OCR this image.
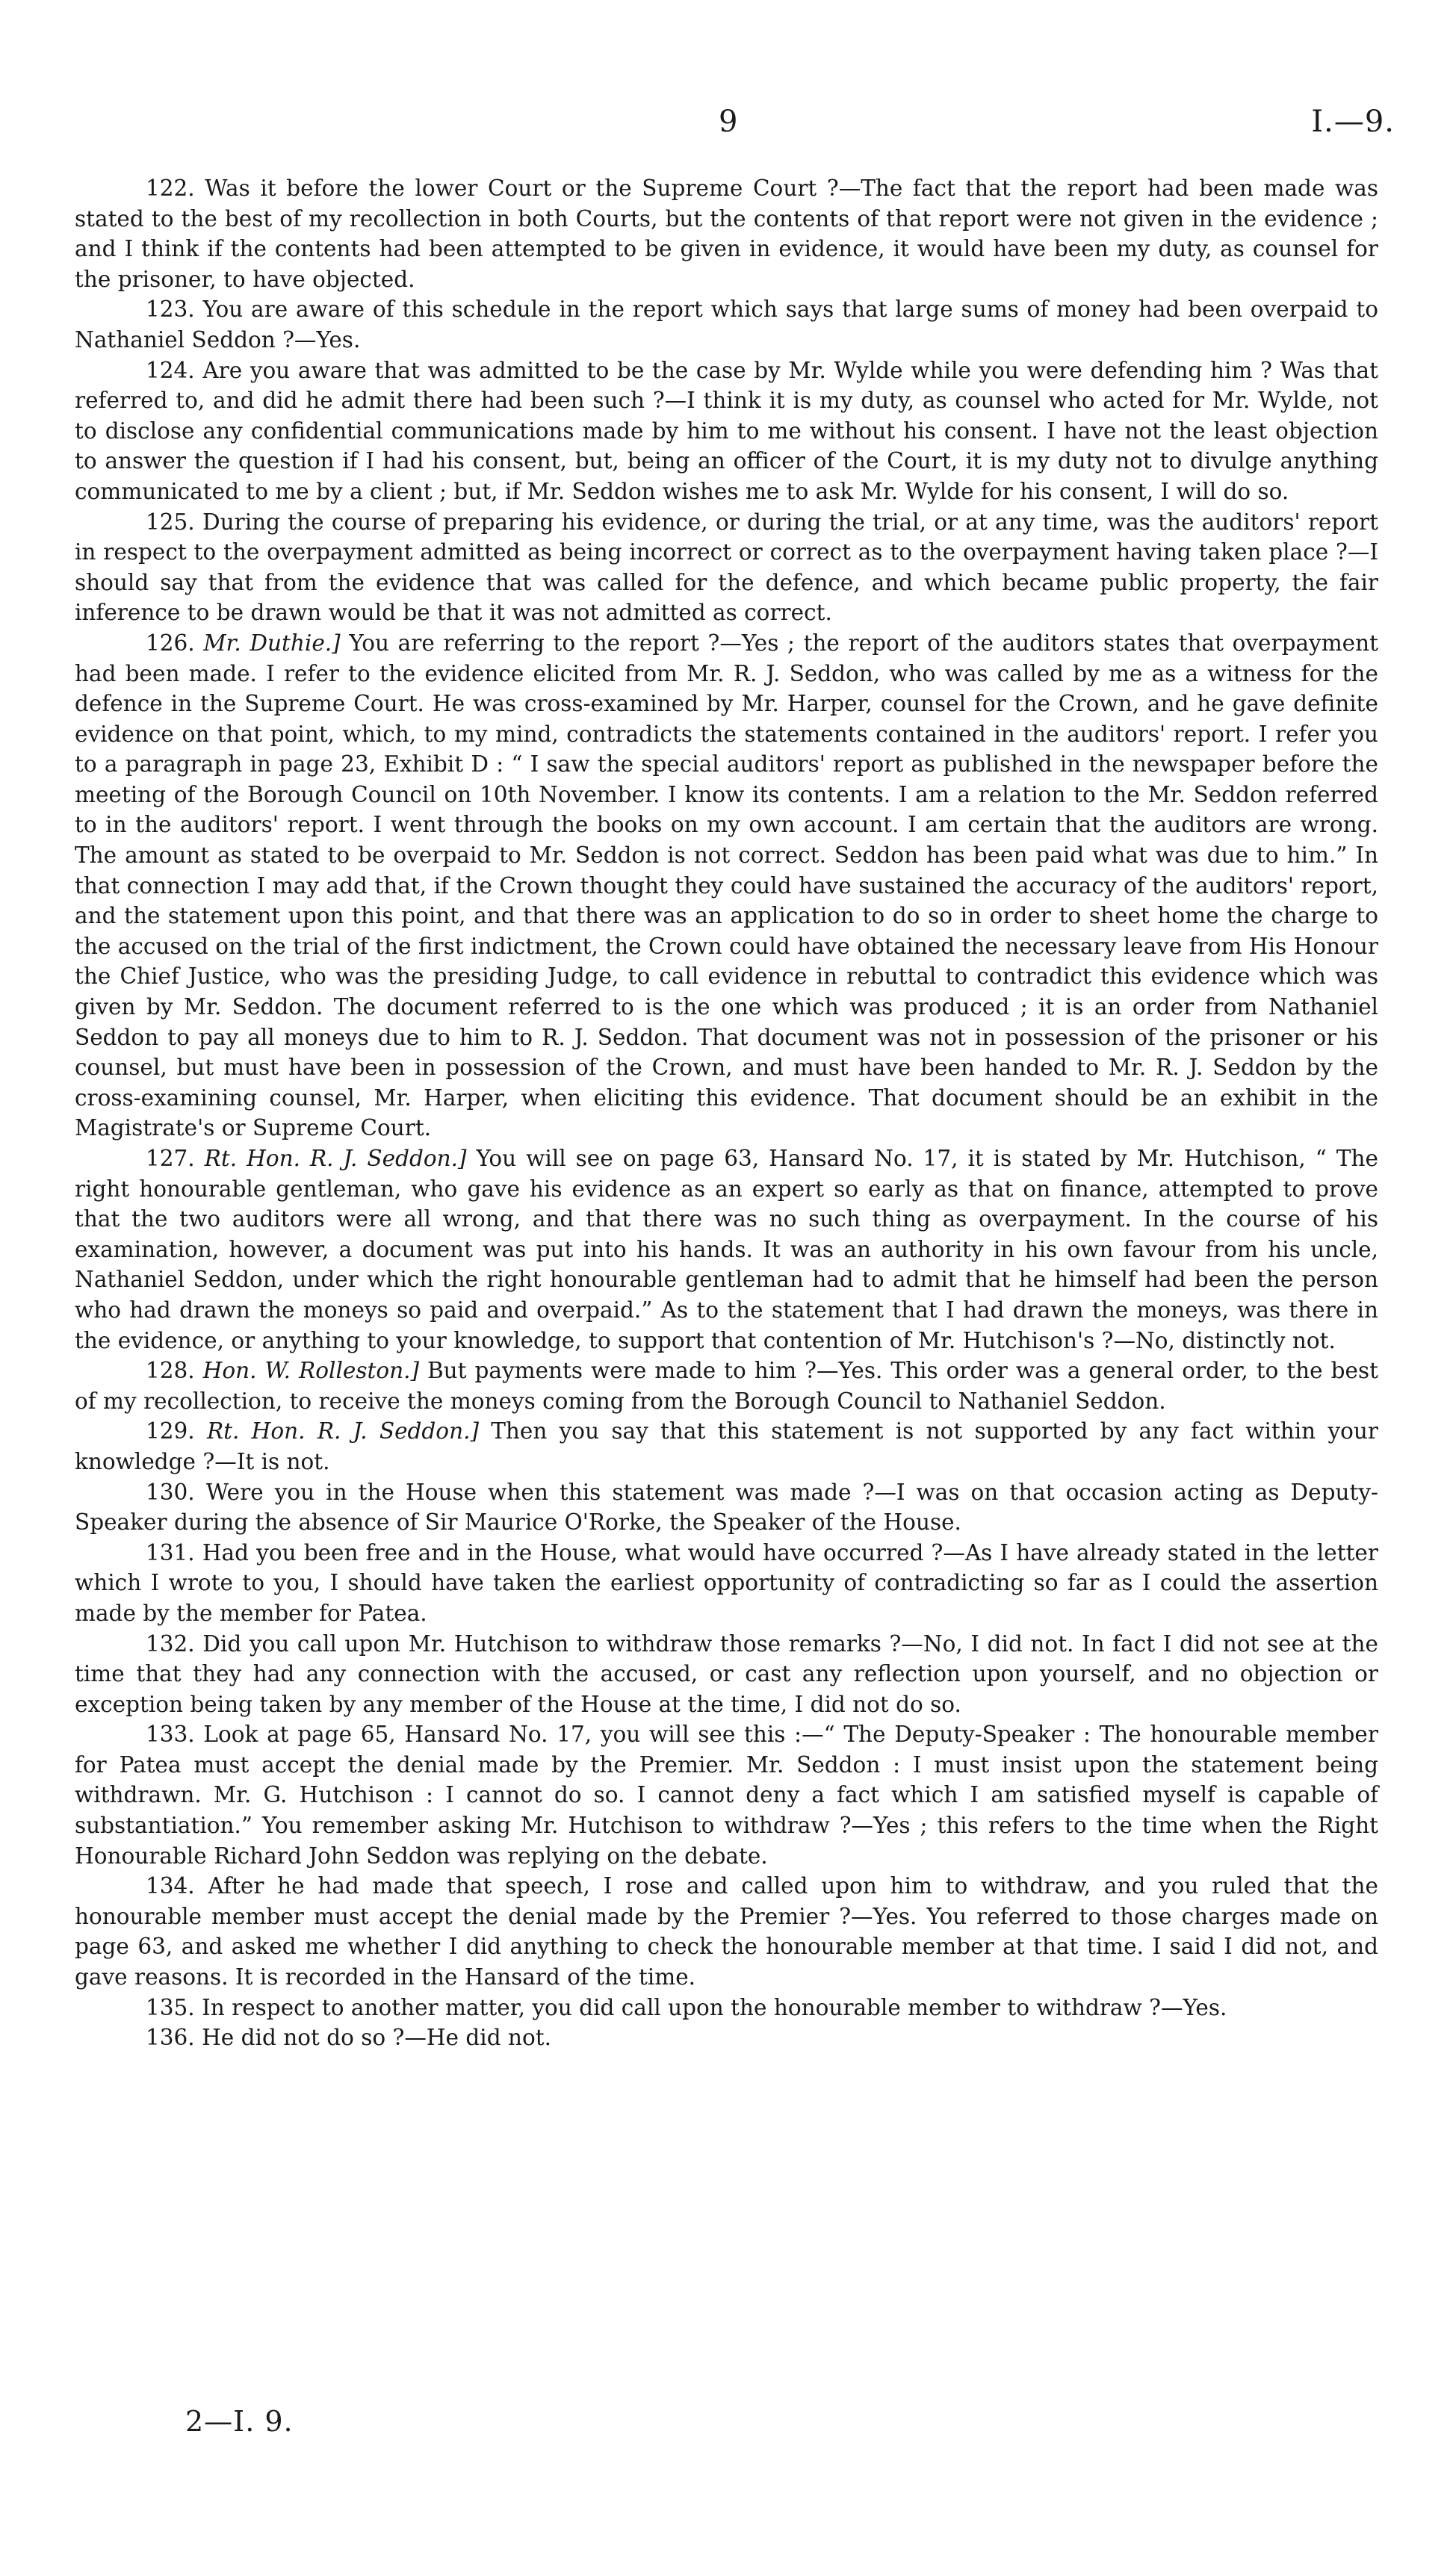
9	I.—9.

122. Was it before the lower Court or the Supreme Court ?—The fact that the report had been made was stated to the best of my recollection in both Courts, but the contents of that report were not given in the evidence ; and I think if the contents had been attempted to be given in evidence, it would have been my duty, as counsel for the prisoner, to have objected.

123. You are aware of this schedule in the report which says that large sums of money had been overpaid to Nathaniel Seddon ?—Yes.

124. Are you aware that was admitted to be the case by Mr. Wylde while you were defending him ? Was that referred to, and did he admit there had been such ?—I think it is my duty, as counsel who acted for Mr. Wylde, not to disclose any confidential communications made by him to me without his consent. I have not the least objection to answer the question if I had his consent, but, being an officer of the Court, it is my duty not to divulge anything communicated to me by a client ; but, if Mr. Seddon wishes me to ask Mr. Wylde for his consent, I will do so.

125. During the course of preparing his evidence, or during the trial, or at any time, was the auditors' report in respect to the overpayment admitted as being incorrect or correct as to the overpayment having taken place ?—I should say that from the evidence that was called for the defence, and which became public property, the fair inference to be drawn would be that it was not admitted as correct.

126. Mr. Duthie.] You are referring to the report ?—Yes ; the report of the auditors states that overpayment had been made. I refer to the evidence elicited from Mr. R. J. Seddon, who was called by me as a witness for the defence in the Supreme Court. He was cross-examined by Mr. Harper, counsel for the Crown, and he gave definite evidence on that point, which, to my mind, contradicts the statements contained in the auditors' report. I refer you to a paragraph in page 23, Exhibit D : “ I saw the special auditors' report as published in the newspaper before the meeting of the Borough Council on 10th November. I know its contents. I am a relation to the Mr. Seddon referred to in the auditors' report. I went through the books on my own account. I am certain that the auditors are wrong. The amount as stated to be overpaid to Mr. Seddon is not correct. Seddon has been paid what was due to him.” In that connection I may add that, if the Crown thought they could have sustained the accuracy of the auditors' report, and the statement upon this point, and that there was an application to do so in order to sheet home the charge to the accused on the trial of the first indictment, the Crown could have obtained the necessary leave from His Honour the Chief Justice, who was the presiding Judge, to call evidence in rebuttal to contradict this evidence which was given by Mr. Seddon. The document referred to is the one which was produced ; it is an order from Nathaniel Seddon to pay all moneys due to him to R. J. Seddon. That document was not in possession of the prisoner or his counsel, but must have been in possession of the Crown, and must have been handed to Mr. R. J. Seddon by the cross-examining counsel, Mr. Harper, when eliciting this evidence. That document should be an exhibit in the Magistrate's or Supreme Court.

127. Rt. Hon. R. J. Seddon.] You will see on page 63, Hansard No. 17, it is stated by Mr. Hutchison, “ The right honourable gentleman, who gave his evidence as an expert so early as that on finance, attempted to prove that the two auditors were all wrong, and that there was no such thing as overpayment. In the course of his examination, however, a document was put into his hands. It was an authority in his own favour from his uncle, Nathaniel Seddon, under which the right honourable gentleman had to admit that he himself had been the person who had drawn the moneys so paid and overpaid.” As to the statement that I had drawn the moneys, was there in the evidence, or anything to your knowledge, to support that contention of Mr. Hutchison's ?—No, distinctly not.

128. Hon. W. Rolleston.] But payments were made to him ?—Yes. This order was a general order, to the best of my recollection, to receive the moneys coming from the Borough Council to Nathaniel Seddon.

129. Rt. Hon. R. J. Seddon.] Then you say that this statement is not supported by any fact within your knowledge ?—It is not.

130. Were you in the House when this statement was made ?—I was on that occasion acting as Deputy-Speaker during the absence of Sir Maurice O'Rorke, the Speaker of the House.

131. Had you been free and in the House, what would have occurred ?—As I have already stated in the letter which I wrote to you, I should have taken the earliest opportunity of contradicting so far as I could the assertion made by the member for Patea.

132. Did you call upon Mr. Hutchison to withdraw those remarks ?—No, I did not. In fact I did not see at the time that they had any connection with the accused, or cast any reflection upon yourself, and no objection or exception being taken by any member of the House at the time, I did not do so.

133. Look at page 65, Hansard No. 17, you will see this :—“ The Deputy-Speaker : The honourable member for Patea must accept the denial made by the Premier. Mr. Seddon : I must insist upon the statement being withdrawn. Mr. G. Hutchison : I cannot do so. I cannot deny a fact which I am satisfied myself is capable of substantiation.” You remember asking Mr. Hutchison to withdraw ?—Yes ; this refers to the time when the Right Honourable Richard John Seddon was replying on the debate.

134. After he had made that speech, I rose and called upon him to withdraw, and you ruled that the honourable member must accept the denial made by the Premier ?—Yes. You referred to those charges made on page 63, and asked me whether I did anything to check the honourable member at that time. I said I did not, and gave reasons. It is recorded in the Hansard of the time.

135. In respect to another matter, you did call upon the honourable member to withdraw ?—Yes.

136. He did not do so ?—He did not.

2—I. 9.
